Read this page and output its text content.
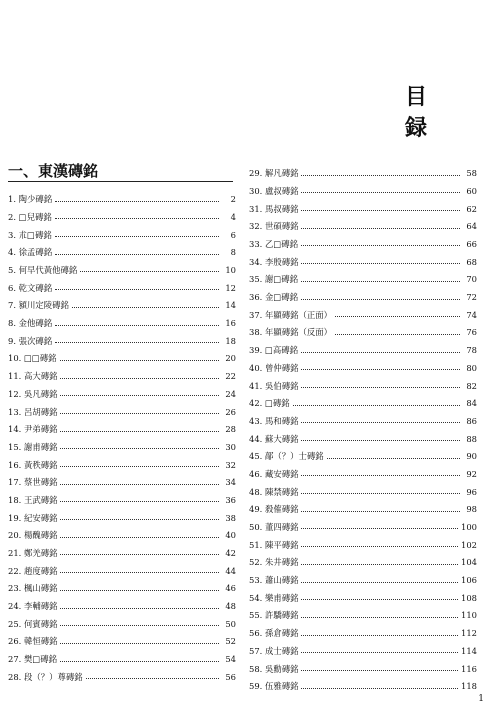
目　録
一、東漢磚銘
1. 陶少磚銘	2
2. □兒磚銘	4
3. 朮□磚銘	6
4. 徐孟磚銘	8
5. 何早代黃他磚銘	10
6. 乾文磚銘	12
7. 潁川定陵磚銘	14
8. 金他磚銘	16
9. 張次磚銘	18
10. □□磚銘	20
11. 高大磚銘	22
12. 吳凡磚銘	24
13. 呂胡磚銘	26
14. 尹弟磚銘	28
15. 謝甫磚銘	30
16. 黃秩磚銘	32
17. 蔡世磚銘	34
18. 王武磚銘	36
19. 紀安磚銘	38
20. 楊醜磚銘	40
21. 鄭羌磚銘	42
22. 趙度磚銘	44
23. 楓山磚銘	46
24. 李輔磚銘	48
25. 何賓磚銘	50
26. 韓恒磚銘	52
27. 樊□磚銘	54
28. 段（？）尊磚銘	56
29. 解凡磚銘	58
30. 盧叔磚銘	60
31. 馬叔磚銘	62
32. 世碩磚銘	64
33. 乙□磚銘	66
34. 李殷磚銘	68
35. 謝□磚銘	70
36. 金□磚銘	72
37. 年顯磚銘（正面）	74
38. 年顯磚銘（反面）	76
39. □高磚銘	78
40. 曾仲磚銘	80
41. 吳伯磚銘	82
42. □磚銘	84
43. 馬和磚銘	86
44. 蘇大磚銘	88
45. 鄗（？）士磚銘	90
46. 藏安磚銘	92
48. 陳禁磚銘	96
49. 殺傕磚銘	98
50. 董四磚銘	100
51. 陳平磚銘	102
52. 朱井磚銘	104
53. 蕭山磚銘	106
54. 樂甫磚銘	108
55. 許驕磚銘	110
56. 孫倉磚銘	112
57. 成士磚銘	114
58. 吳勳磚銘	116
59. 伍雅磚銘	118
1
